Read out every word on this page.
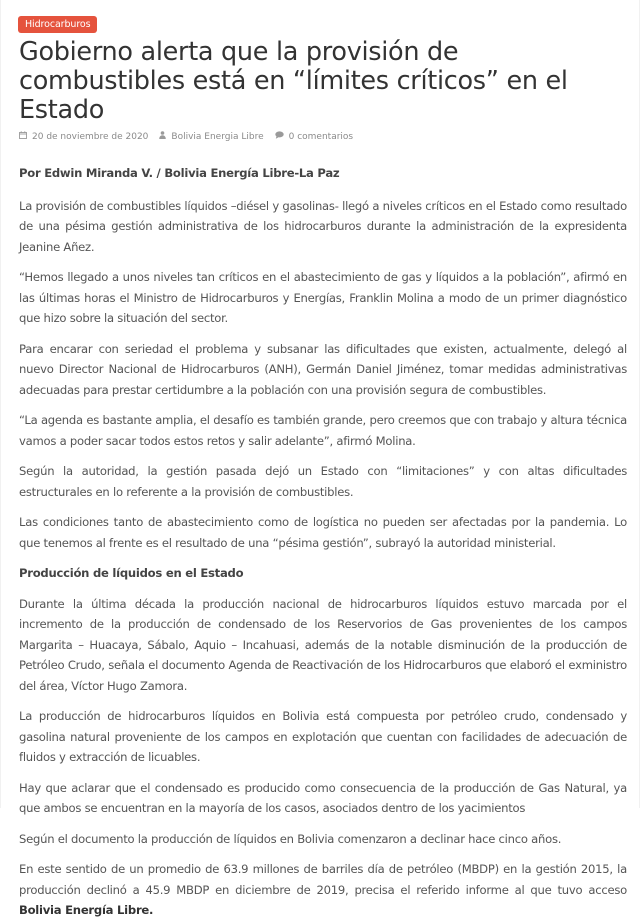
Hidrocarburos
Gobierno alerta que la provisión de combustibles está en “límites críticos” en el Estado
20 de noviembre de 2020	Bolivia Energia Libre	0 comentarios

Por Edwin Miranda V. / Bolivia Energía Libre-La Paz

La provisión de combustibles líquidos –diésel y gasolinas- llegó a niveles críticos en el Estado como resultado de una pésima gestión administrativa de los hidrocarburos durante la administración de la expresidenta Jeanine Añez.

“Hemos llegado a unos niveles tan críticos en el abastecimiento de gas y líquidos a la población”, afirmó en las últimas horas el Ministro de Hidrocarburos y Energías, Franklin Molina a modo de un primer diagnóstico que hizo sobre la situación del sector.

Para encarar con seriedad el problema y subsanar las dificultades que existen, actualmente, delegó al nuevo Director Nacional de Hidrocarburos (ANH), Germán Daniel Jiménez, tomar medidas administrativas adecuadas para prestar certidumbre a la población con una provisión segura de combustibles.

“La agenda es bastante amplia, el desafío es también grande, pero creemos que con trabajo y altura técnica vamos a poder sacar todos estos retos y salir adelante”, afirmó Molina.

Según la autoridad, la gestión pasada dejó un Estado con “limitaciones” y con altas dificultades estructurales en lo referente a la provisión de combustibles.

Las condiciones tanto de abastecimiento como de logística no pueden ser afectadas por la pandemia. Lo que tenemos al frente es el resultado de una “pésima gestión”, subrayó la autoridad ministerial.

Producción de líquidos en el Estado

Durante la última década la producción nacional de hidrocarburos líquidos estuvo marcada por el incremento de la producción de condensado de los Reservorios de Gas provenientes de los campos Margarita – Huacaya, Sábalo, Aquio – Incahuasi, además de la notable disminución de la producción de Petróleo Crudo, señala el documento Agenda de Reactivación de los Hidrocarburos que elaboró el exministro del área, Víctor Hugo Zamora.

La producción de hidrocarburos líquidos en Bolivia está compuesta por petróleo crudo, condensado y gasolina natural proveniente de los campos en explotación que cuentan con facilidades de adecuación de fluidos y extracción de licuables.

Hay que aclarar que el condensado es producido como consecuencia de la producción de Gas Natural, ya que ambos se encuentran en la mayoría de los casos, asociados dentro de los yacimientos

Según el documento la producción de líquidos en Bolivia comenzaron a declinar hace cinco años.

En este sentido de un promedio de 63.9 millones de barriles día de petróleo (MBDP) en la gestión 2015, la producción declinó a 45.9 MBDP en diciembre de 2019, precisa el referido informe al que tuvo acceso Bolivia Energía Libre.
